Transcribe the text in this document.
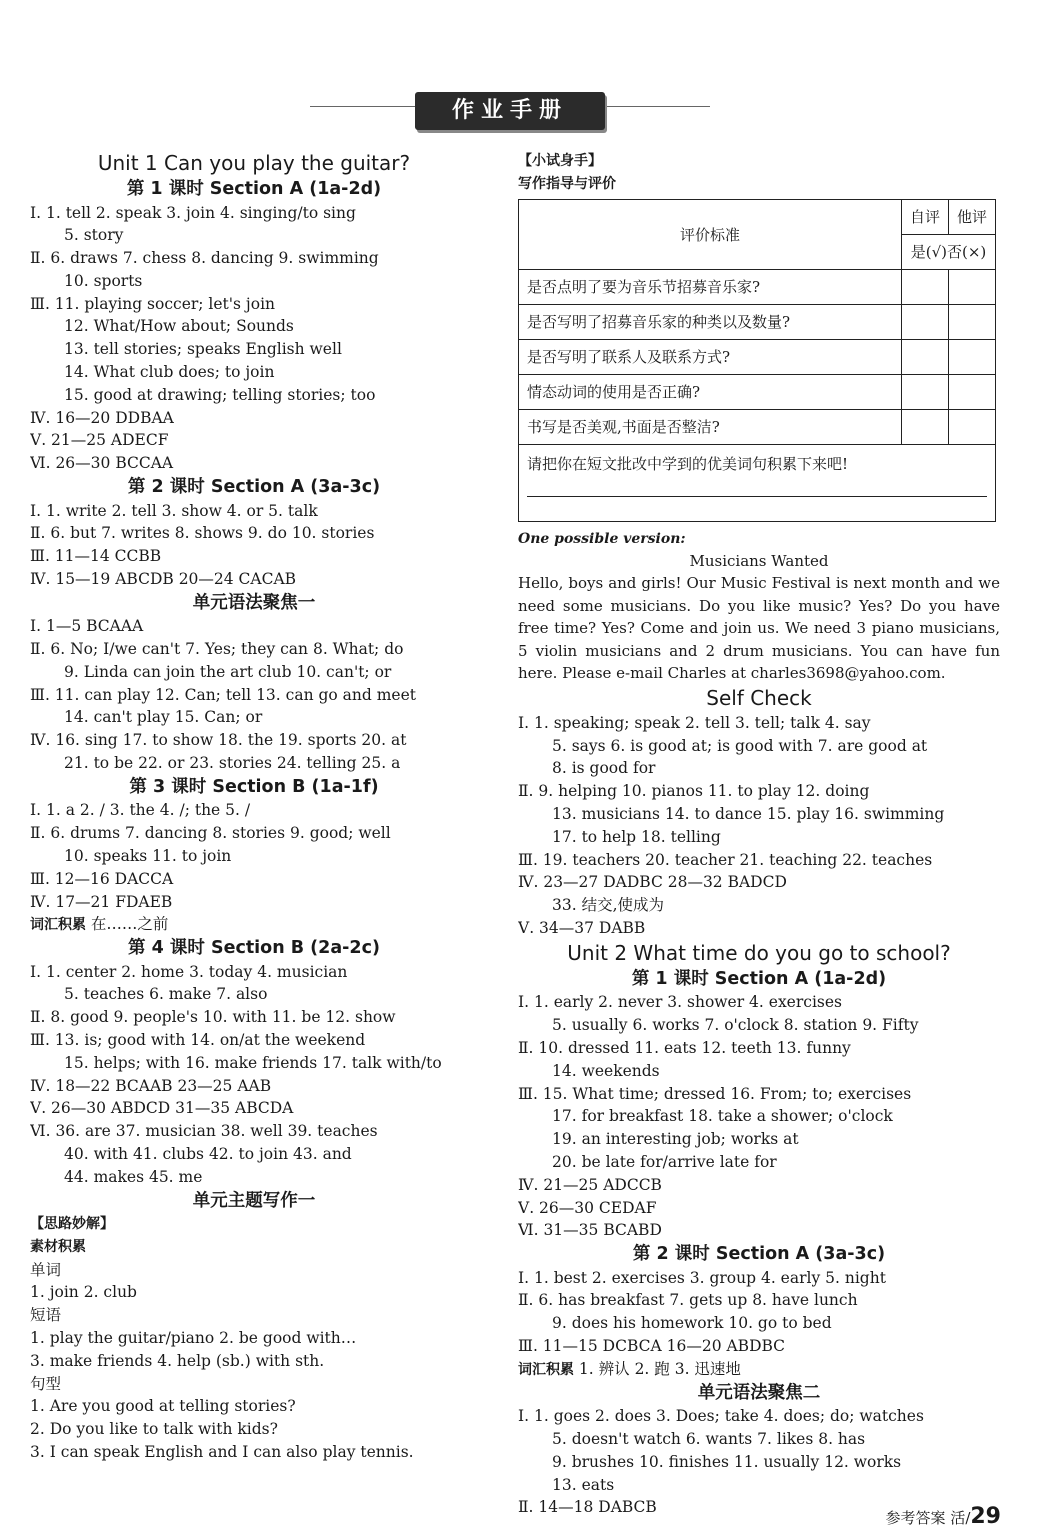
作业手册
Unit 1 Can you play the guitar?
第 1 课时 Section A (1a-2d)
Ⅰ. 1. tell 2. speak 3. join 4. singing/to sing
5. story
Ⅱ. 6. draws 7. chess 8. dancing 9. swimming
10. sports
Ⅲ. 11. playing soccer; let's join
12. What/How about; Sounds
13. tell stories; speaks English well
14. What club does; to join
15. good at drawing; telling stories; too
Ⅳ. 16—20 DDBAA
Ⅴ. 21—25 ADECF
Ⅵ. 26—30 BCCAA
第 2 课时 Section A (3a-3c)
Ⅰ. 1. write 2. tell 3. show 4. or 5. talk
Ⅱ. 6. but 7. writes 8. shows 9. do 10. stories
Ⅲ. 11—14 CCBB
Ⅳ. 15—19 ABCDB 20—24 CACAB
单元语法聚焦一
Ⅰ. 1—5 BCAAA
Ⅱ. 6. No; I/we can't 7. Yes; they can 8. What; do
9. Linda can join the art club 10. can't; or
Ⅲ. 11. can play 12. Can; tell 13. can go and meet
14. can't play 15. Can; or
Ⅳ. 16. sing 17. to show 18. the 19. sports 20. at
21. to be 22. or 23. stories 24. telling 25. a
第 3 课时 Section B (1a-1f)
Ⅰ. 1. a 2. / 3. the 4. /; the 5. /
Ⅱ. 6. drums 7. dancing 8. stories 9. good; well
10. speaks 11. to join
Ⅲ. 12—16 DACCA
Ⅳ. 17—21 FDAEB
词汇积累 在……之前
第 4 课时 Section B (2a-2c)
Ⅰ. 1. center 2. home 3. today 4. musician
5. teaches 6. make 7. also
Ⅱ. 8. good 9. people's 10. with 11. be 12. show
Ⅲ. 13. is; good with 14. on/at the weekend
15. helps; with 16. make friends 17. talk with/to
Ⅳ. 18—22 BCAAB 23—25 AAB
Ⅴ. 26—30 ABDCD 31—35 ABCDA
Ⅵ. 36. are 37. musician 38. well 39. teaches
40. with 41. clubs 42. to join 43. and
44. makes 45. me
单元主题写作一
【思路妙解】
素材积累
单词
1. join 2. club
短语
1. play the guitar/piano 2. be good with…
3. make friends 4. help (sb.) with sth.
句型
1. Are you good at telling stories?
2. Do you like to talk with kids?
3. I can speak English and I can also play tennis.
【小试身手】
写作指导与评价
评价标准	自评	他评
	是(√)否(×)	
是否点明了要为音乐节招募音乐家?		
是否写明了招募音乐家的种类以及数量?		
是否写明了联系人及联系方式?		
情态动词的使用是否正确?		
书写是否美观,书面是否整洁?		

请把你在短文批改中学到的优美词句积累下来吧!		
One possible version:
Musicians Wanted
Hello, boys and girls! Our Music Festival is next month and we need some musicians. Do you like music? Yes? Do you have free time? Yes? Come and join us. We need 3 piano musicians, 5 violin musicians and 2 drum musicians. You can have fun here. Please e-mail Charles at charles3698@yahoo.com.
Self Check
Ⅰ. 1. speaking; speak 2. tell 3. tell; talk 4. say
5. says 6. is good at; is good with 7. are good at
8. is good for
Ⅱ. 9. helping 10. pianos 11. to play 12. doing
13. musicians 14. to dance 15. play 16. swimming
17. to help 18. telling
Ⅲ. 19. teachers 20. teacher 21. teaching 22. teaches
Ⅳ. 23—27 DADBC 28—32 BADCD
33. 结交,使成为
Ⅴ. 34—37 DABB
Unit 2 What time do you go to school?
第 1 课时 Section A (1a-2d)
Ⅰ. 1. early 2. never 3. shower 4. exercises
5. usually 6. works 7. o'clock 8. station 9. Fifty
Ⅱ. 10. dressed 11. eats 12. teeth 13. funny
14. weekends
Ⅲ. 15. What time; dressed 16. From; to; exercises
17. for breakfast 18. take a shower; o'clock
19. an interesting job; works at
20. be late for/arrive late for
Ⅳ. 21—25 ADCCB
Ⅴ. 26—30 CEDAF
Ⅵ. 31—35 BCABD
第 2 课时 Section A (3a-3c)
Ⅰ. 1. best 2. exercises 3. group 4. early 5. night
Ⅱ. 6. has breakfast 7. gets up 8. have lunch
9. does his homework 10. go to bed
Ⅲ. 11—15 DCBCA 16—20 ABDBC
词汇积累 1. 辨认 2. 跑 3. 迅速地
单元语法聚焦二
Ⅰ. 1. goes 2. does 3. Does; take 4. does; do; watches
5. doesn't watch 6. wants 7. likes 8. has
9. brushes 10. finishes 11. usually 12. works
13. eats
Ⅱ. 14—18 DABCB
参考答案 活/29
